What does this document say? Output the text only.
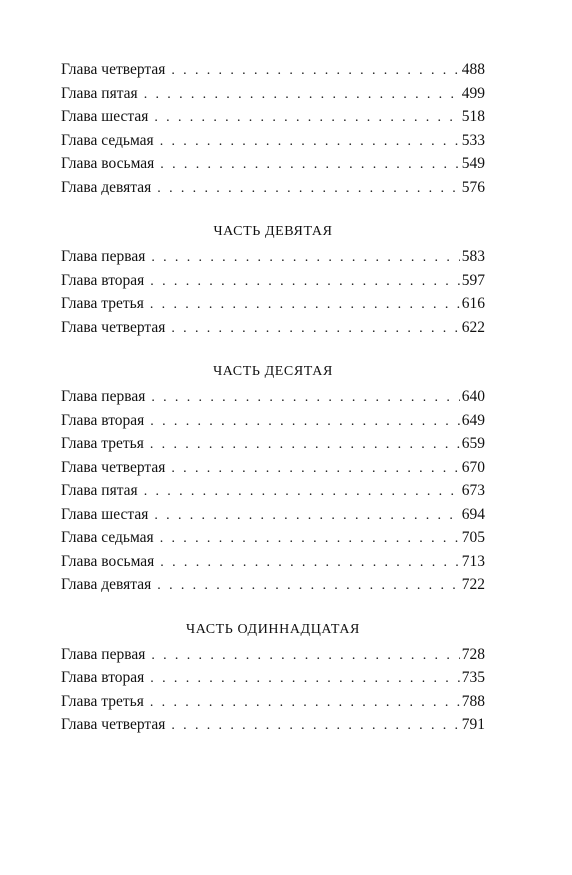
Глава четвертая . . .	488
Глава пятая . . .	499
Глава шестая . . .	518
Глава седьмая . . .	533
Глава восьмая . . .	549
Глава девятая . . .	576
ЧАСТЬ ДЕВЯТАЯ
Глава первая . . .	583
Глава вторая . . .	597
Глава третья . . .	616
Глава четвертая . . .	622
ЧАСТЬ ДЕСЯТАЯ
Глава первая . . .	640
Глава вторая . . .	649
Глава третья . . .	659
Глава четвертая . . .	670
Глава пятая . . .	673
Глава шестая . . .	694
Глава седьмая . . .	705
Глава восьмая . . .	713
Глава девятая . . .	722
ЧАСТЬ ОДИННАДЦАТАЯ
Глава первая . . .	728
Глава вторая . . .	735
Глава третья . . .	788
Глава четвертая . . .	791
